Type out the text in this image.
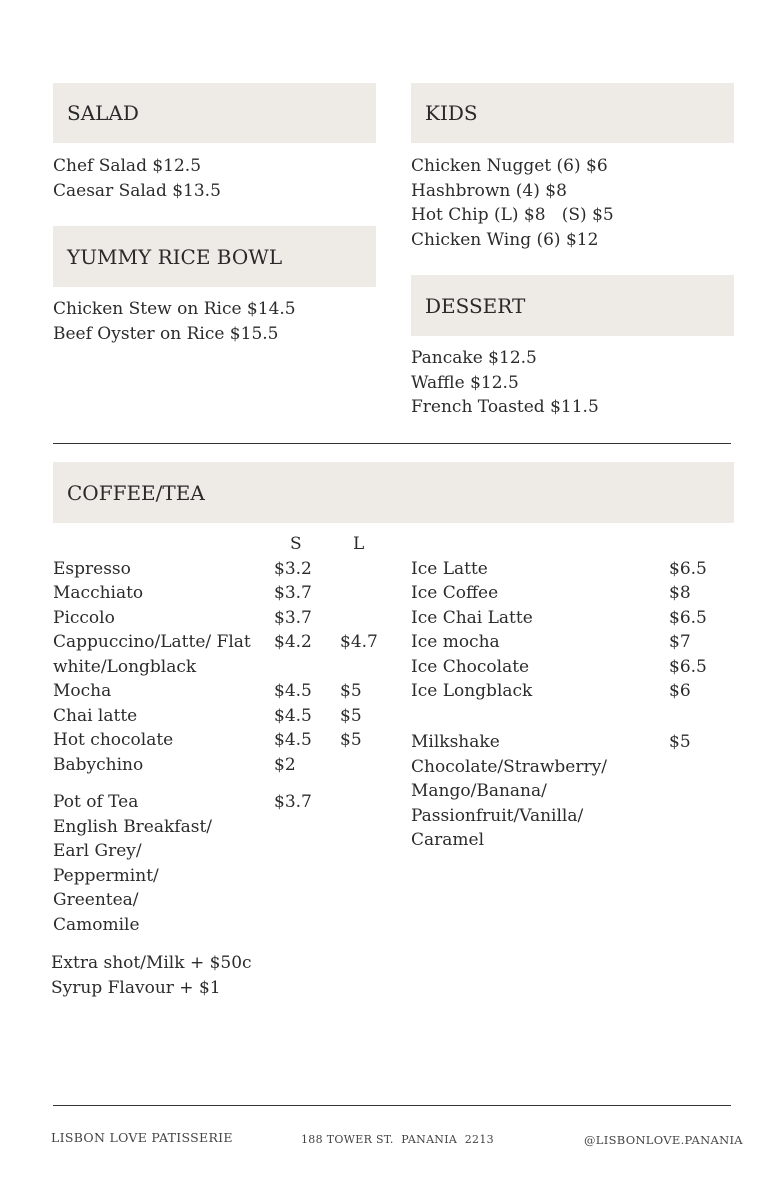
SALAD
Chef Salad $12.5
Caesar Salad $13.5
YUMMY RICE BOWL
Chicken Stew on Rice $14.5
Beef Oyster on Rice $15.5
KIDS
Chicken Nugget (6) $6
Hashbrown (4) $8
Hot Chip (L) $8   (S) $5
Chicken Wing (6) $12
DESSERT
Pancake $12.5
Waffle $12.5
French Toasted $11.5
COFFEE/TEA
S	L
Espresso	$3.2
Macchiato	$3.7
Piccolo	$3.7
Cappuccino/Latte/ Flat $4.2 $4.7
white/Longblack
Mocha	$4.5 $5
Chai latte	$4.5 $5
Hot chocolate	$4.5 $5
Babychino	$2
Pot of Tea	$3.7
English Breakfast/
Earl Grey/
Peppermint/
Greentea/
Camomile
Extra shot/Milk + $50c
Syrup Flavour + $1
Ice Latte	$6.5
Ice Coffee	$8
Ice Chai Latte	$6.5
Ice mocha	$7
Ice Chocolate	$6.5
Ice Longblack	$6
Milkshake	$5
Chocolate/Strawberry/
Mango/Banana/
Passionfruit/Vanilla/
Caramel
LISBON LOVE PATISSERIE	188 TOWER ST.  PANANIA  2213	@LISBONLOVE.PANANIA
